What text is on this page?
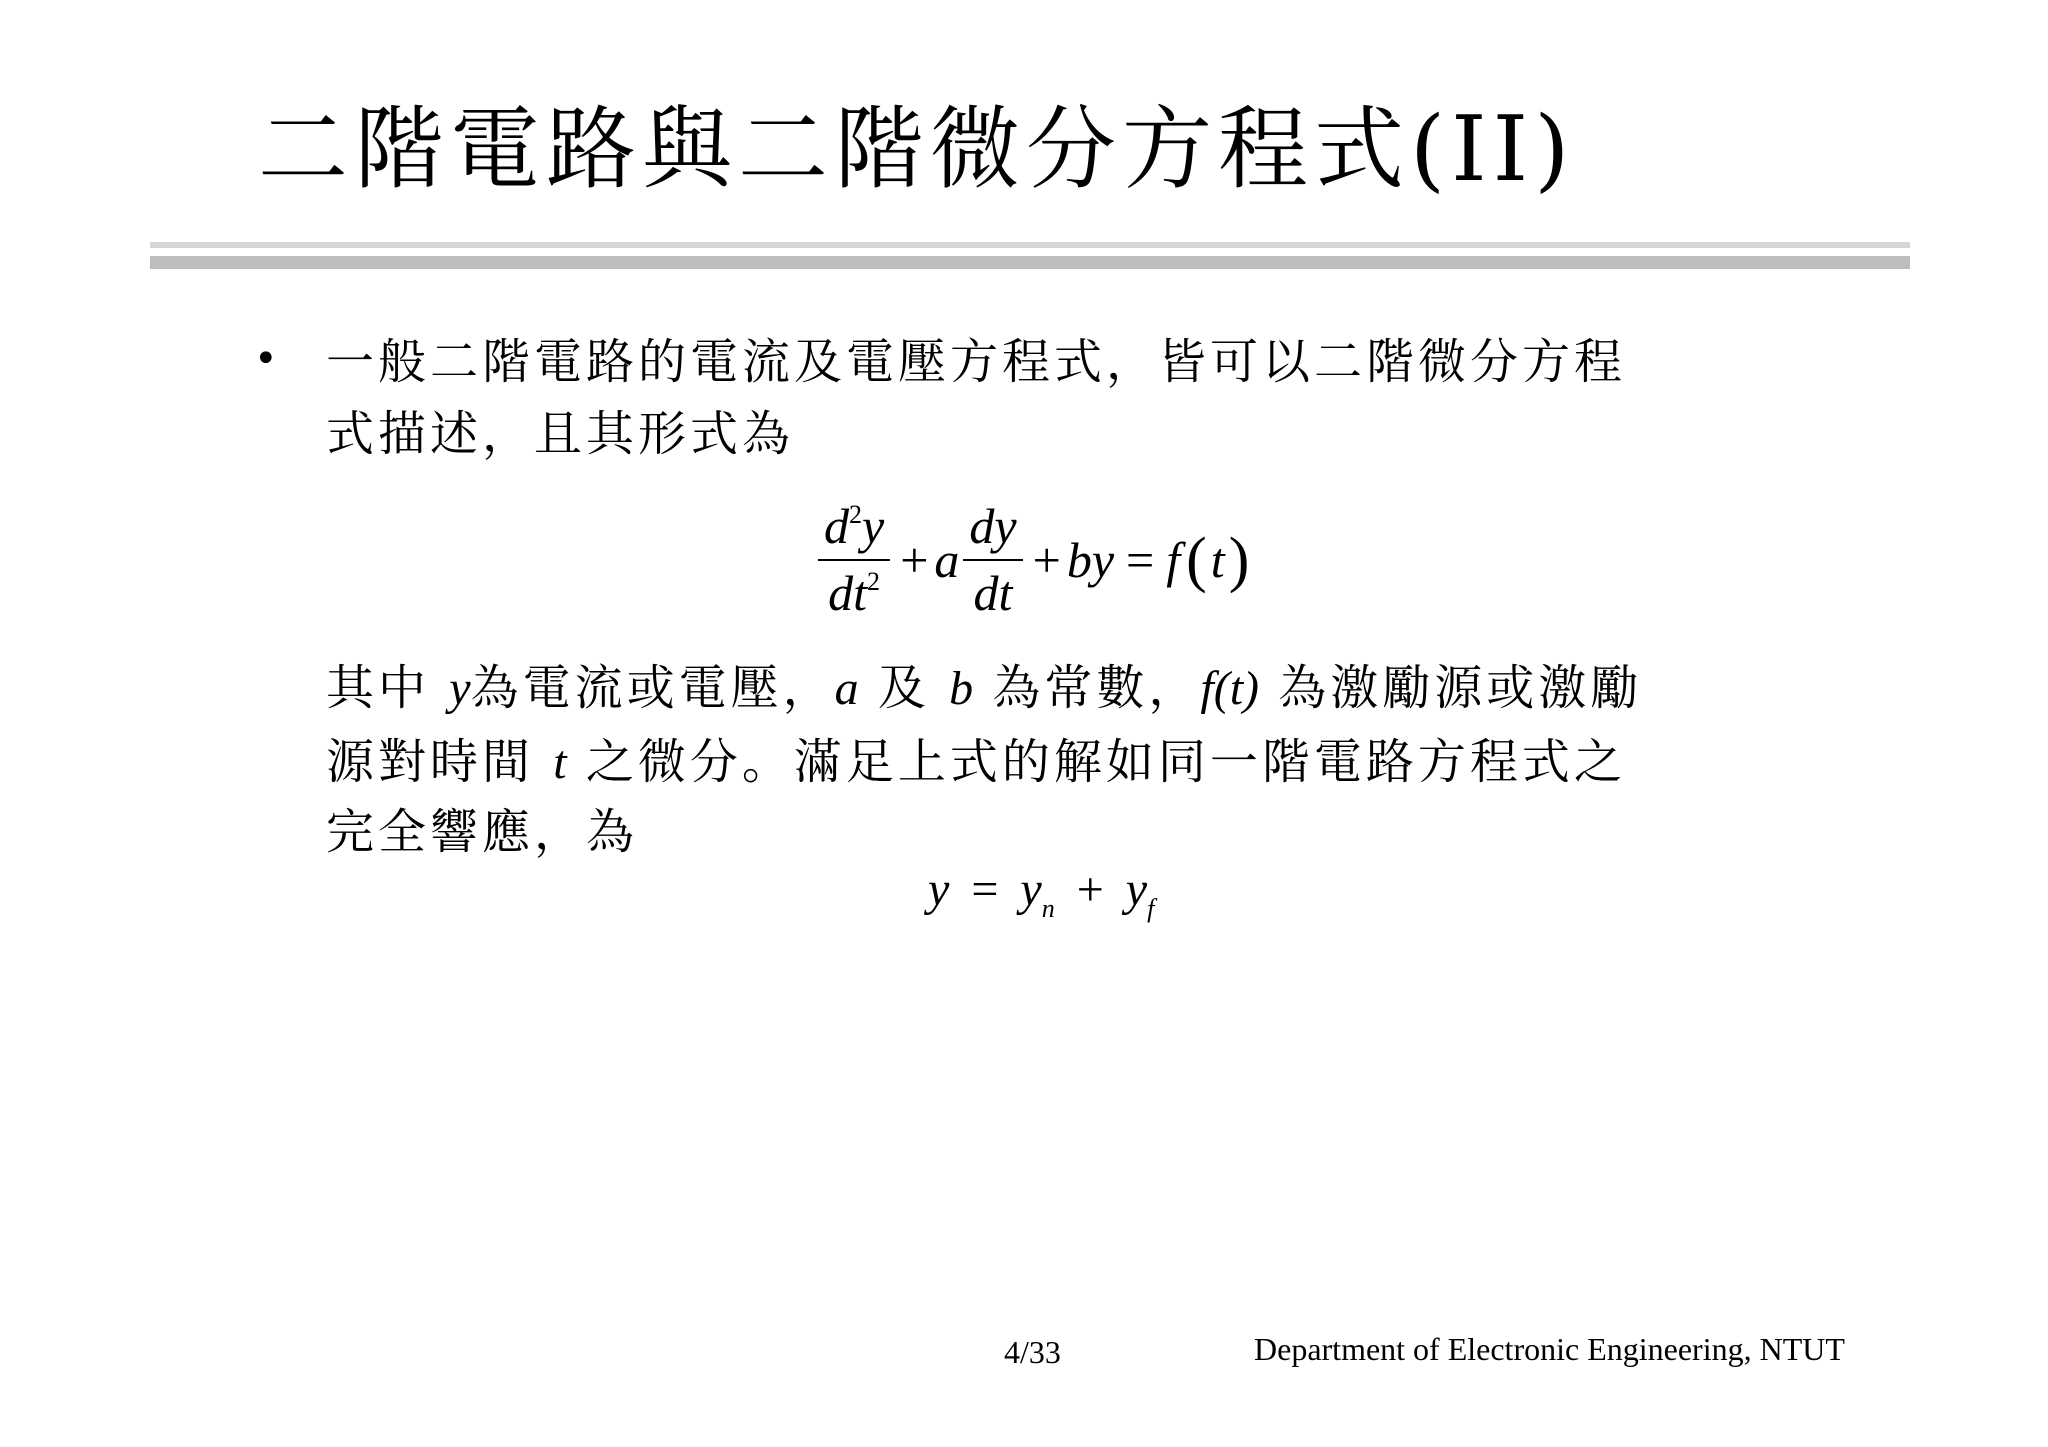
二階電路與二階微分方程式(II)
• 一般二階電路的電流及電壓方程式，皆可以二階微分方程
式描述，且其形式為
$\frac{d^2y}{dt^2} + a \frac{dy}{dt}$ + by = f ( t )
其中 y為電流或電壓，a 及 b 為常數，f(t) 為激勵源或激勵
源對時間 t 之微分。滿足上式的解如同一階電路方程式之
完全響應，為
$y = y_n + y_f$
4/33	Department of Electronic Engineering, NTUT
